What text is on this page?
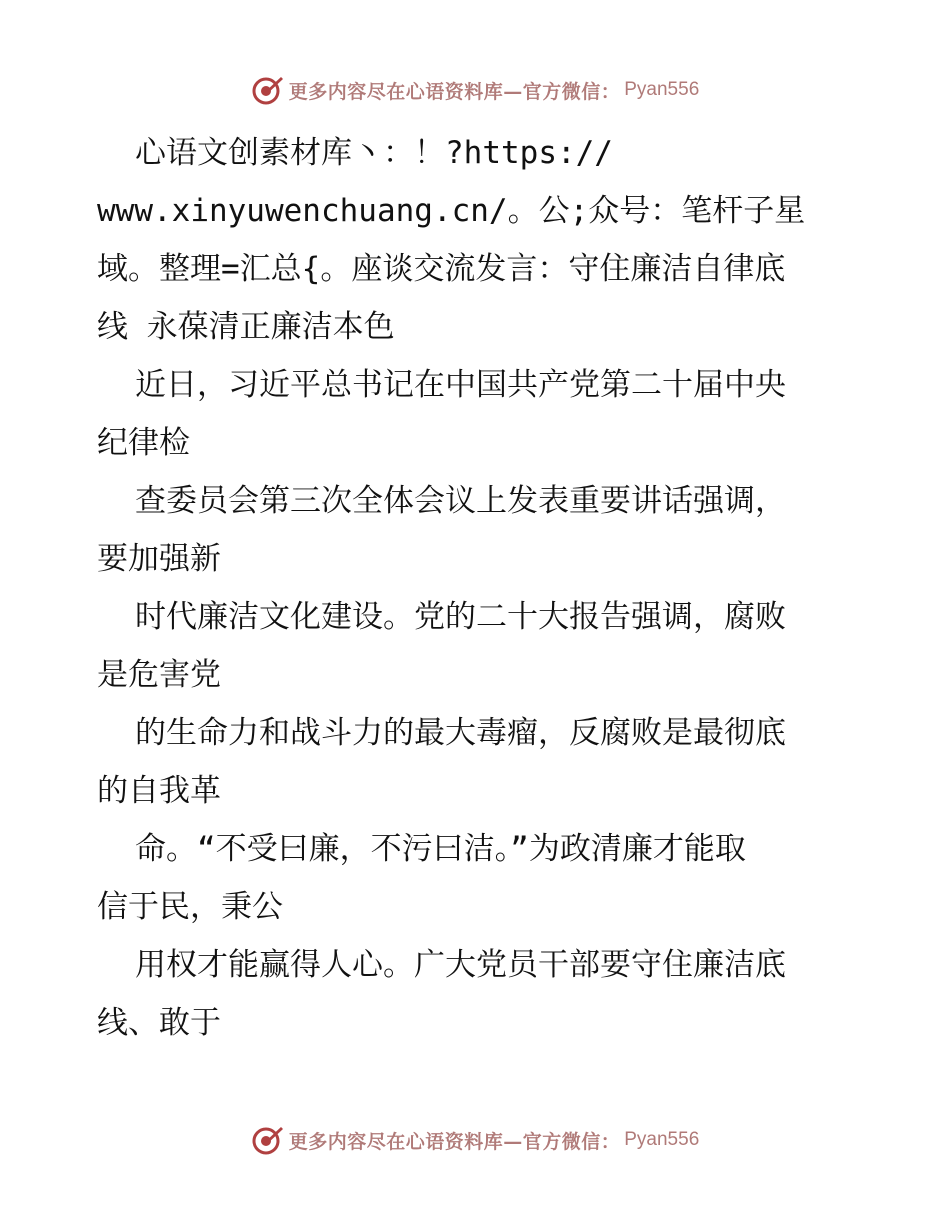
更多内容尽在心语资料库—官方微信： Pyan556
心语文创素材库丶：！?https://
www.xinyuwenchuang.cn/。公;众号：笔杆子星
域。整理=汇总{。座谈交流发言：守住廉洁自律底
线 永葆清正廉洁本色
近日，习近平总书记在中国共产党第二十届中央
纪律检
查委员会第三次全体会议上发表重要讲话强调，
要加强新
时代廉洁文化建设。党的二十大报告强调，腐败
是危害党
的生命力和战斗力的最大毒瘤，反腐败是最彻底
的自我革
命。“不受曰廉，不污曰洁。”为政清廉才能取
信于民，秉公
用权才能赢得人心。广大党员干部要守住廉洁底
线、敢于
更多内容尽在心语资料库—官方微信： Pyan556
